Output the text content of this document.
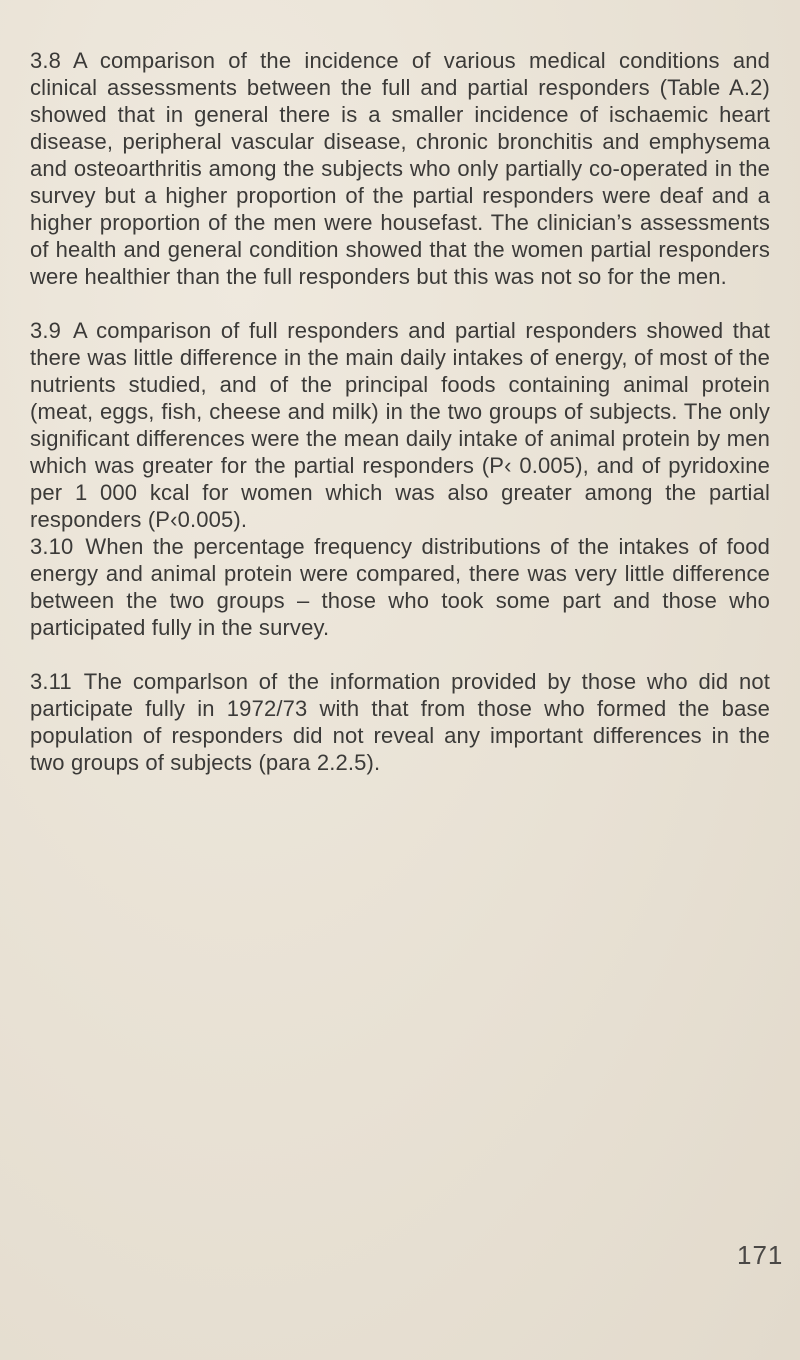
3.8 A comparison of the incidence of various medical conditions and clinical assessments between the full and partial responders (Table A.2) showed that in general there is a smaller incidence of ischaemic heart disease, peripheral vascular disease, chronic bronchitis and emphysema and osteoarthritis among the subjects who only partially co-operated in the survey but a higher proportion of the partial responders were deaf and a higher proportion of the men were housefast. The clinician’s assessments of health and general condition showed that the women partial responders were healthier than the full responders but this was not so for the men.

3.9 A comparison of full responders and partial responders showed that there was little difference in the main daily intakes of energy, of most of the nutrients studied, and of the principal foods containing animal protein (meat, eggs, fish, cheese and milk) in the two groups of subjects. The only significant differences were the mean daily intake of animal protein by men which was greater for the partial responders (P‹ 0.005), and of pyridoxine per 1 000 kcal for women which was also greater among the partial responders (P‹0.005).

3.10 When the percentage frequency distributions of the intakes of food energy and animal protein were compared, there was very little difference between the two groups – those who took some part and those who participated fully in the survey.

3.11 The comparlson of the information provided by those who did not participate fully in 1972/73 with that from those who formed the base population of responders did not reveal any important differences in the two groups of subjects (para 2.2.5).

171
